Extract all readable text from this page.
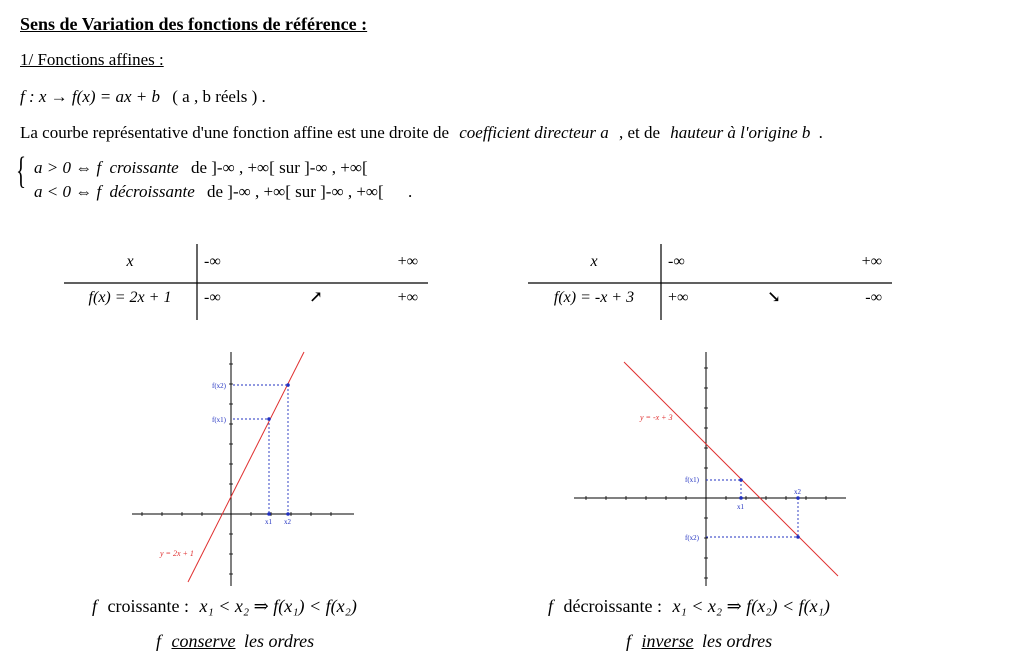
Sens de Variation des fonctions de référence :
1/ Fonctions affines :
f : x → f(x) = ax + b ( a , b réels ) .
La courbe représentative d'une fonction affine est une droite de coefficient directeur a , et de hauteur à l'origine b .
{ a > 0 ⇔ f croissante de ]-∞ , +∞[ sur ]-∞ , +∞[
a < 0 ⇔ f décroissante de ]-∞ , +∞[ sur ]-∞ , +∞[ .
x	-∞	+∞
f(x) = 2x + 1 -∞	↗	+∞
x	-∞	+∞
f(x) = -x + 3 +∞	↘	-∞
f(x1)
f(x2)
x1 x2
y = 2x + 1
f(x1)
f(x2)
x1
x2
y = -x + 3
f croissante : x₁ < x₂ ⇒ f(x₁) < f(x₂)
f conserve les ordres
f décroissante : x₁ < x₂ ⇒ f(x₂) < f(x₁)
f inverse les ordres
